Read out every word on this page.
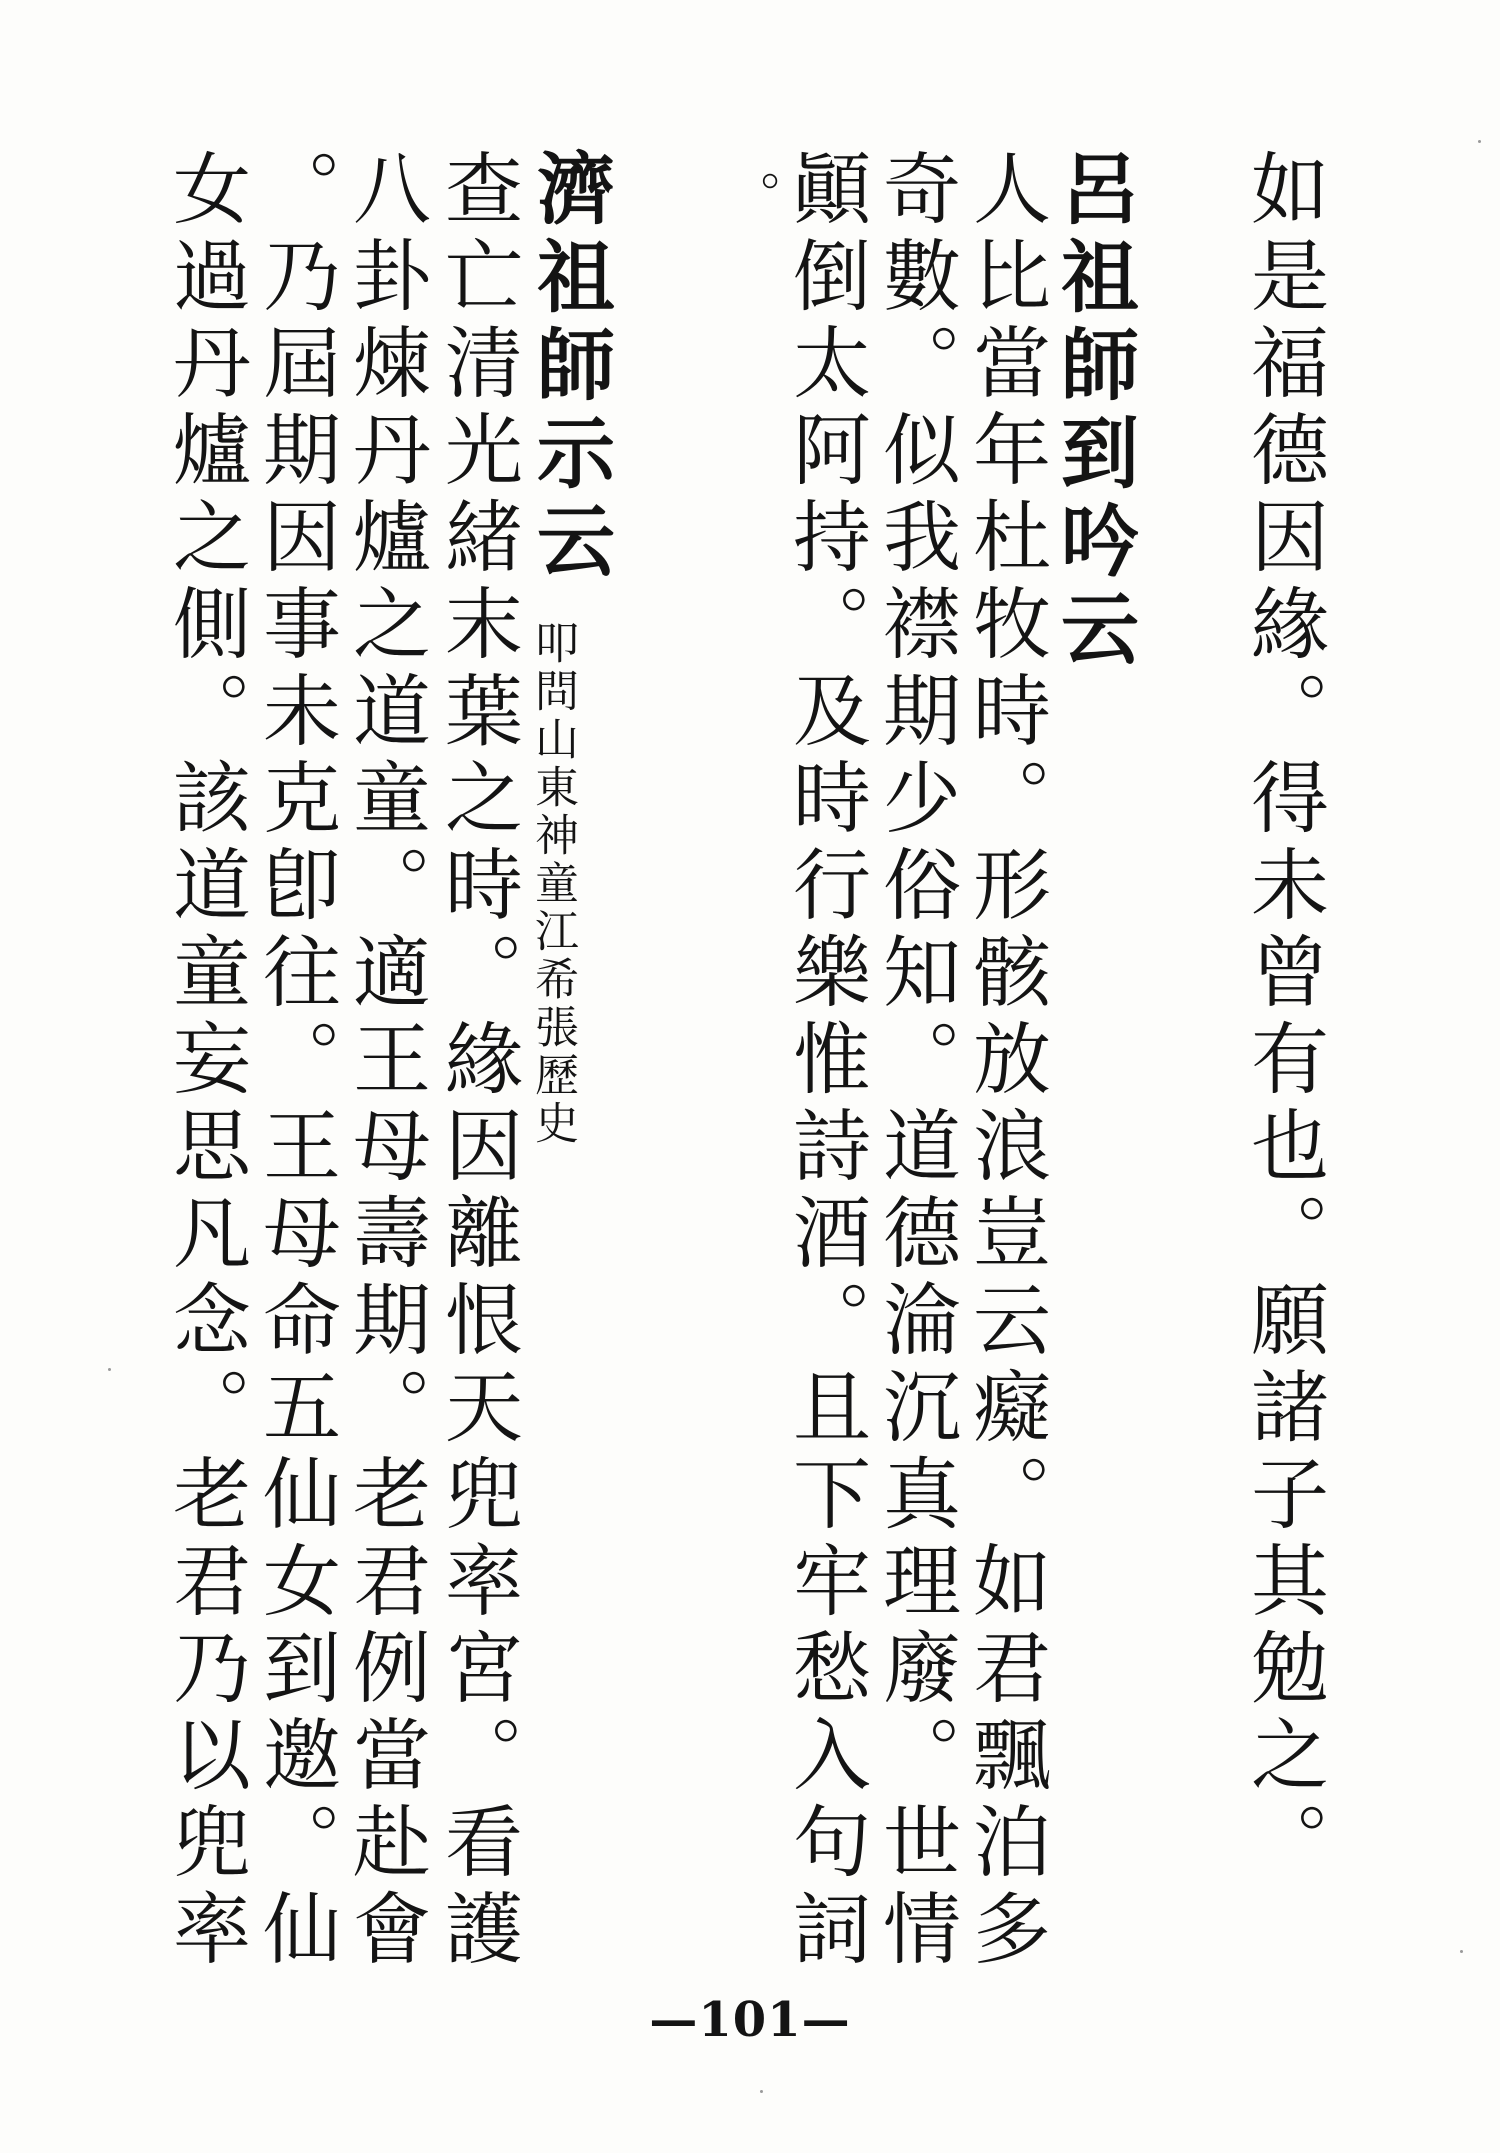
如是福德因緣。得未曾有也。願諸子其勉之。
呂祖師到吟云
人比當年杜牧時。形骸放浪豈云癡。如君飄泊多
奇數。似我襟期少俗知。道德淪沉真理廢。世情
顚倒太阿持。及時行樂惟詩酒。且下牢愁入句詞
。
濟祖師示云
叩問山東神童江希張歷史
查亡清光緒末葉之時。緣因離恨天兜率宮。看護
八卦煉丹爐之道童。適王母壽期。老君例當赴會
。乃屆期因事未克卽往。王母命五仙女到邀。仙
女過丹爐之側。該道童妄思凡念。老君乃以兜率
—101—
